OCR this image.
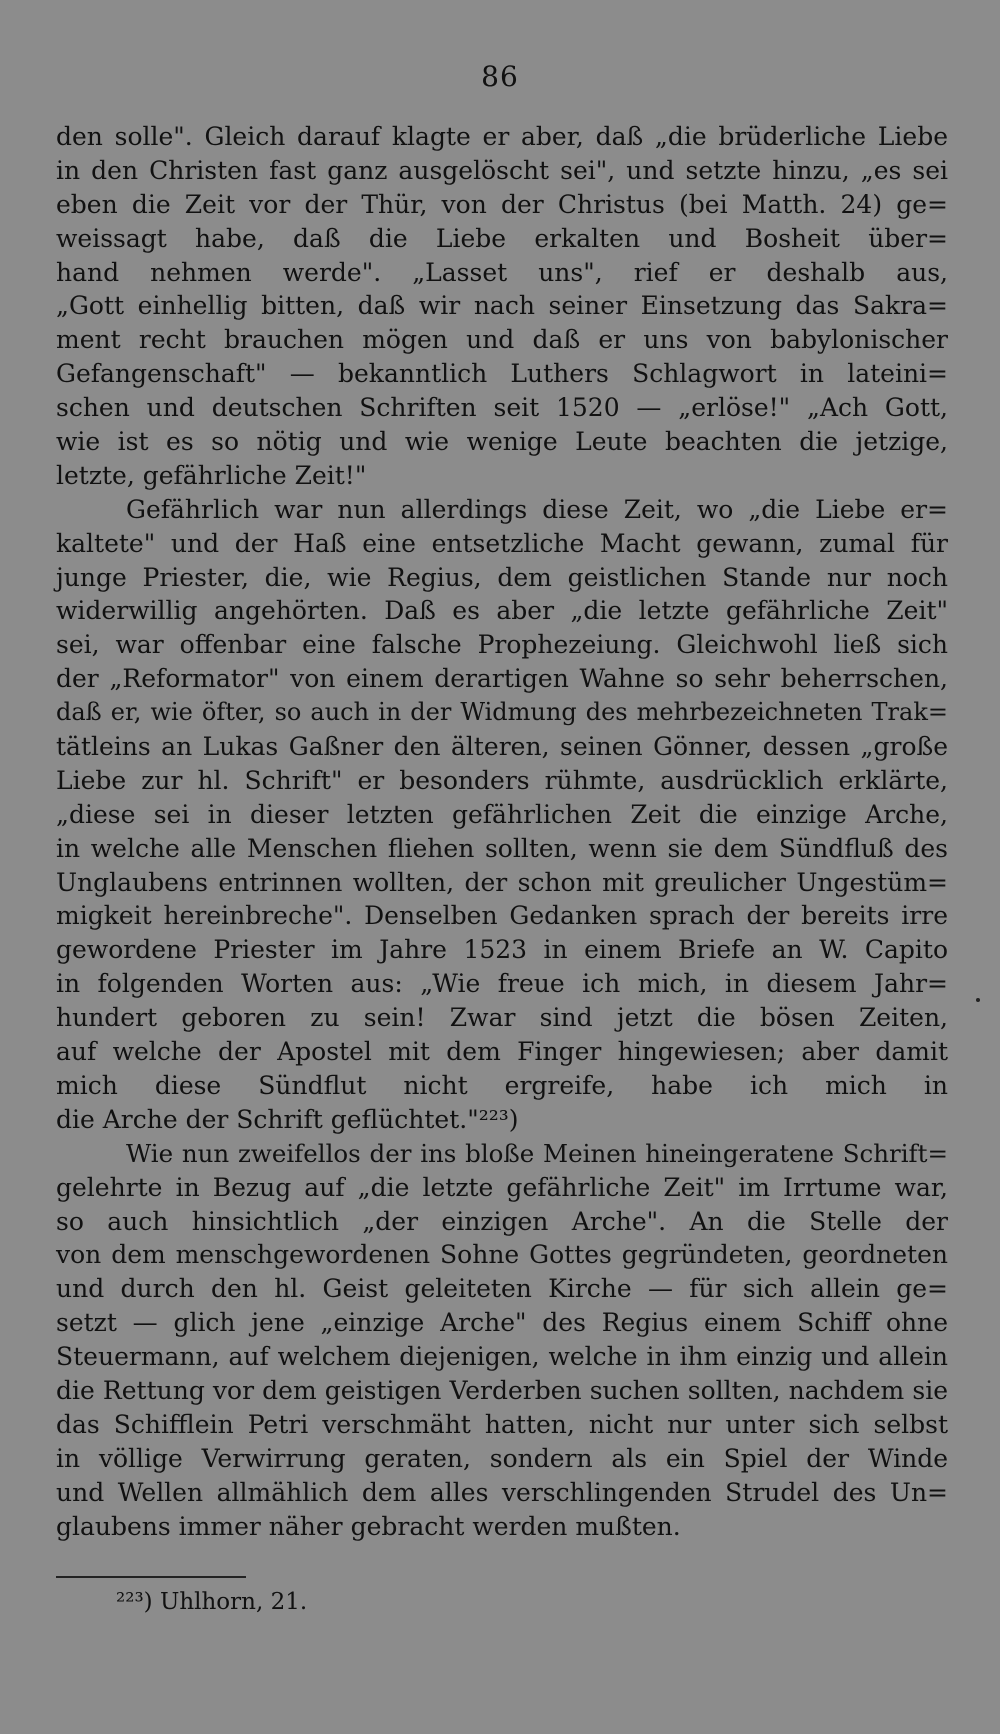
86
den solle". Gleich darauf klagte er aber, daß „die brüderliche Liebe
in den Christen fast ganz ausgelöscht sei", und setzte hinzu, „es sei
eben die Zeit vor der Thür, von der Christus (bei Matth. 24) ge=
weissagt habe, daß die Liebe erkalten und Bosheit über=
hand nehmen werde". „Lasset uns", rief er deshalb aus,
„Gott einhellig bitten, daß wir nach seiner Einsetzung das Sakra=
ment recht brauchen mögen und daß er uns von babylonischer
Gefangenschaft" — bekanntlich Luthers Schlagwort in lateini=
schen und deutschen Schriften seit 1520 — „erlöse!" „Ach Gott,
wie ist es so nötig und wie wenige Leute beachten die jetzige,
letzte, gefährliche Zeit!"
Gefährlich war nun allerdings diese Zeit, wo „die Liebe er=
kaltete" und der Haß eine entsetzliche Macht gewann, zumal für
junge Priester, die, wie Regius, dem geistlichen Stande nur noch
widerwillig angehörten. Daß es aber „die letzte gefährliche Zeit"
sei, war offenbar eine falsche Prophezeiung. Gleichwohl ließ sich
der „Reformator" von einem derartigen Wahne so sehr beherrschen,
daß er, wie öfter, so auch in der Widmung des mehrbezeichneten Trak=
tätleins an Lukas Gaßner den älteren, seinen Gönner, dessen „große
Liebe zur hl. Schrift" er besonders rühmte, ausdrücklich erklärte,
„diese sei in dieser letzten gefährlichen Zeit die einzige Arche,
in welche alle Menschen fliehen sollten, wenn sie dem Sündfluß des
Unglaubens entrinnen wollten, der schon mit greulicher Ungestüm=
migkeit hereinbreche". Denselben Gedanken sprach der bereits irre
gewordene Priester im Jahre 1523 in einem Briefe an W. Capito
in folgenden Worten aus: „Wie freue ich mich, in diesem Jahr=
hundert geboren zu sein! Zwar sind jetzt die bösen Zeiten,
auf welche der Apostel mit dem Finger hingewiesen; aber damit
mich diese Sündflut nicht ergreife, habe ich mich in
die Arche der Schrift geflüchtet."²²³)
Wie nun zweifellos der ins bloße Meinen hineingeratene Schrift=
gelehrte in Bezug auf „die letzte gefährliche Zeit" im Irrtume war,
so auch hinsichtlich „der einzigen Arche". An die Stelle der
von dem menschgewordenen Sohne Gottes gegründeten, geordneten
und durch den hl. Geist geleiteten Kirche — für sich allein ge=
setzt — glich jene „einzige Arche" des Regius einem Schiff ohne
Steuermann, auf welchem diejenigen, welche in ihm einzig und allein
die Rettung vor dem geistigen Verderben suchen sollten, nachdem sie
das Schifflein Petri verschmäht hatten, nicht nur unter sich selbst
in völlige Verwirrung geraten, sondern als ein Spiel der Winde
und Wellen allmählich dem alles verschlingenden Strudel des Un=
glaubens immer näher gebracht werden mußten.
²²³) Uhlhorn, 21.
